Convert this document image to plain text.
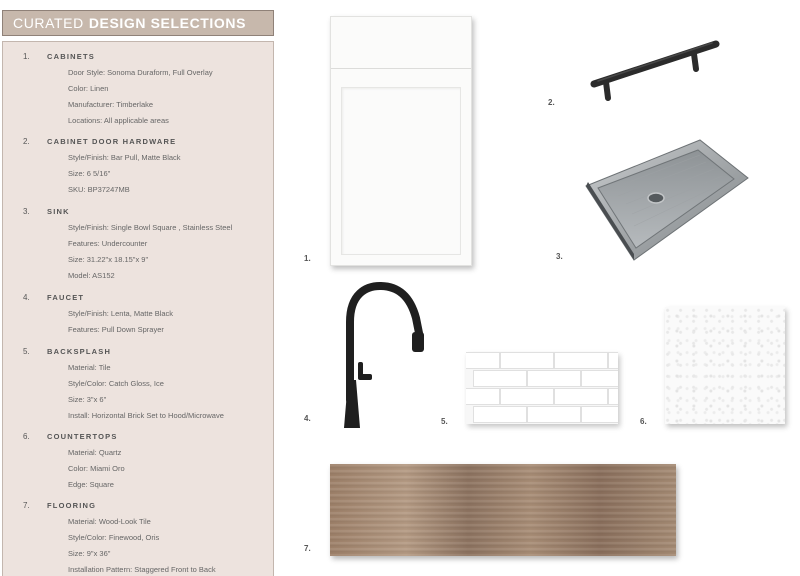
CURATED DESIGN SELECTIONS
1. CABINETS
Door Style: Sonoma Duraform, Full Overlay
Color: Linen
Manufacturer: Timberlake
Locations: All applicable areas
2. CABINET DOOR HARDWARE
Style/Finish: Bar Pull, Matte Black
Size: 6 5/16"
SKU: BP37247MB
3. SINK
Style/Finish: Single Bowl Square , Stainless Steel
Features: Undercounter
Size: 31.22"x 18.15"x 9"
Model: AS152
4. FAUCET
Style/Finish: Lenta, Matte Black
Features: Pull Down Sprayer
5. BACKSPLASH
Material: Tile
Style/Color: Catch Gloss, Ice
Size: 3"x 6"
Install: Horizontal Brick Set to Hood/Microwave
6. COUNTERTOPS
Material: Quartz
Color: Miami Oro
Edge: Square
7. FLOORING
Material: Wood-Look Tile
Style/Color: Finewood, Oris
Size: 9"x 36"
Installation Pattern: Staggered Front to Back
1.
2.
3.
4.	5.	6.
7.
